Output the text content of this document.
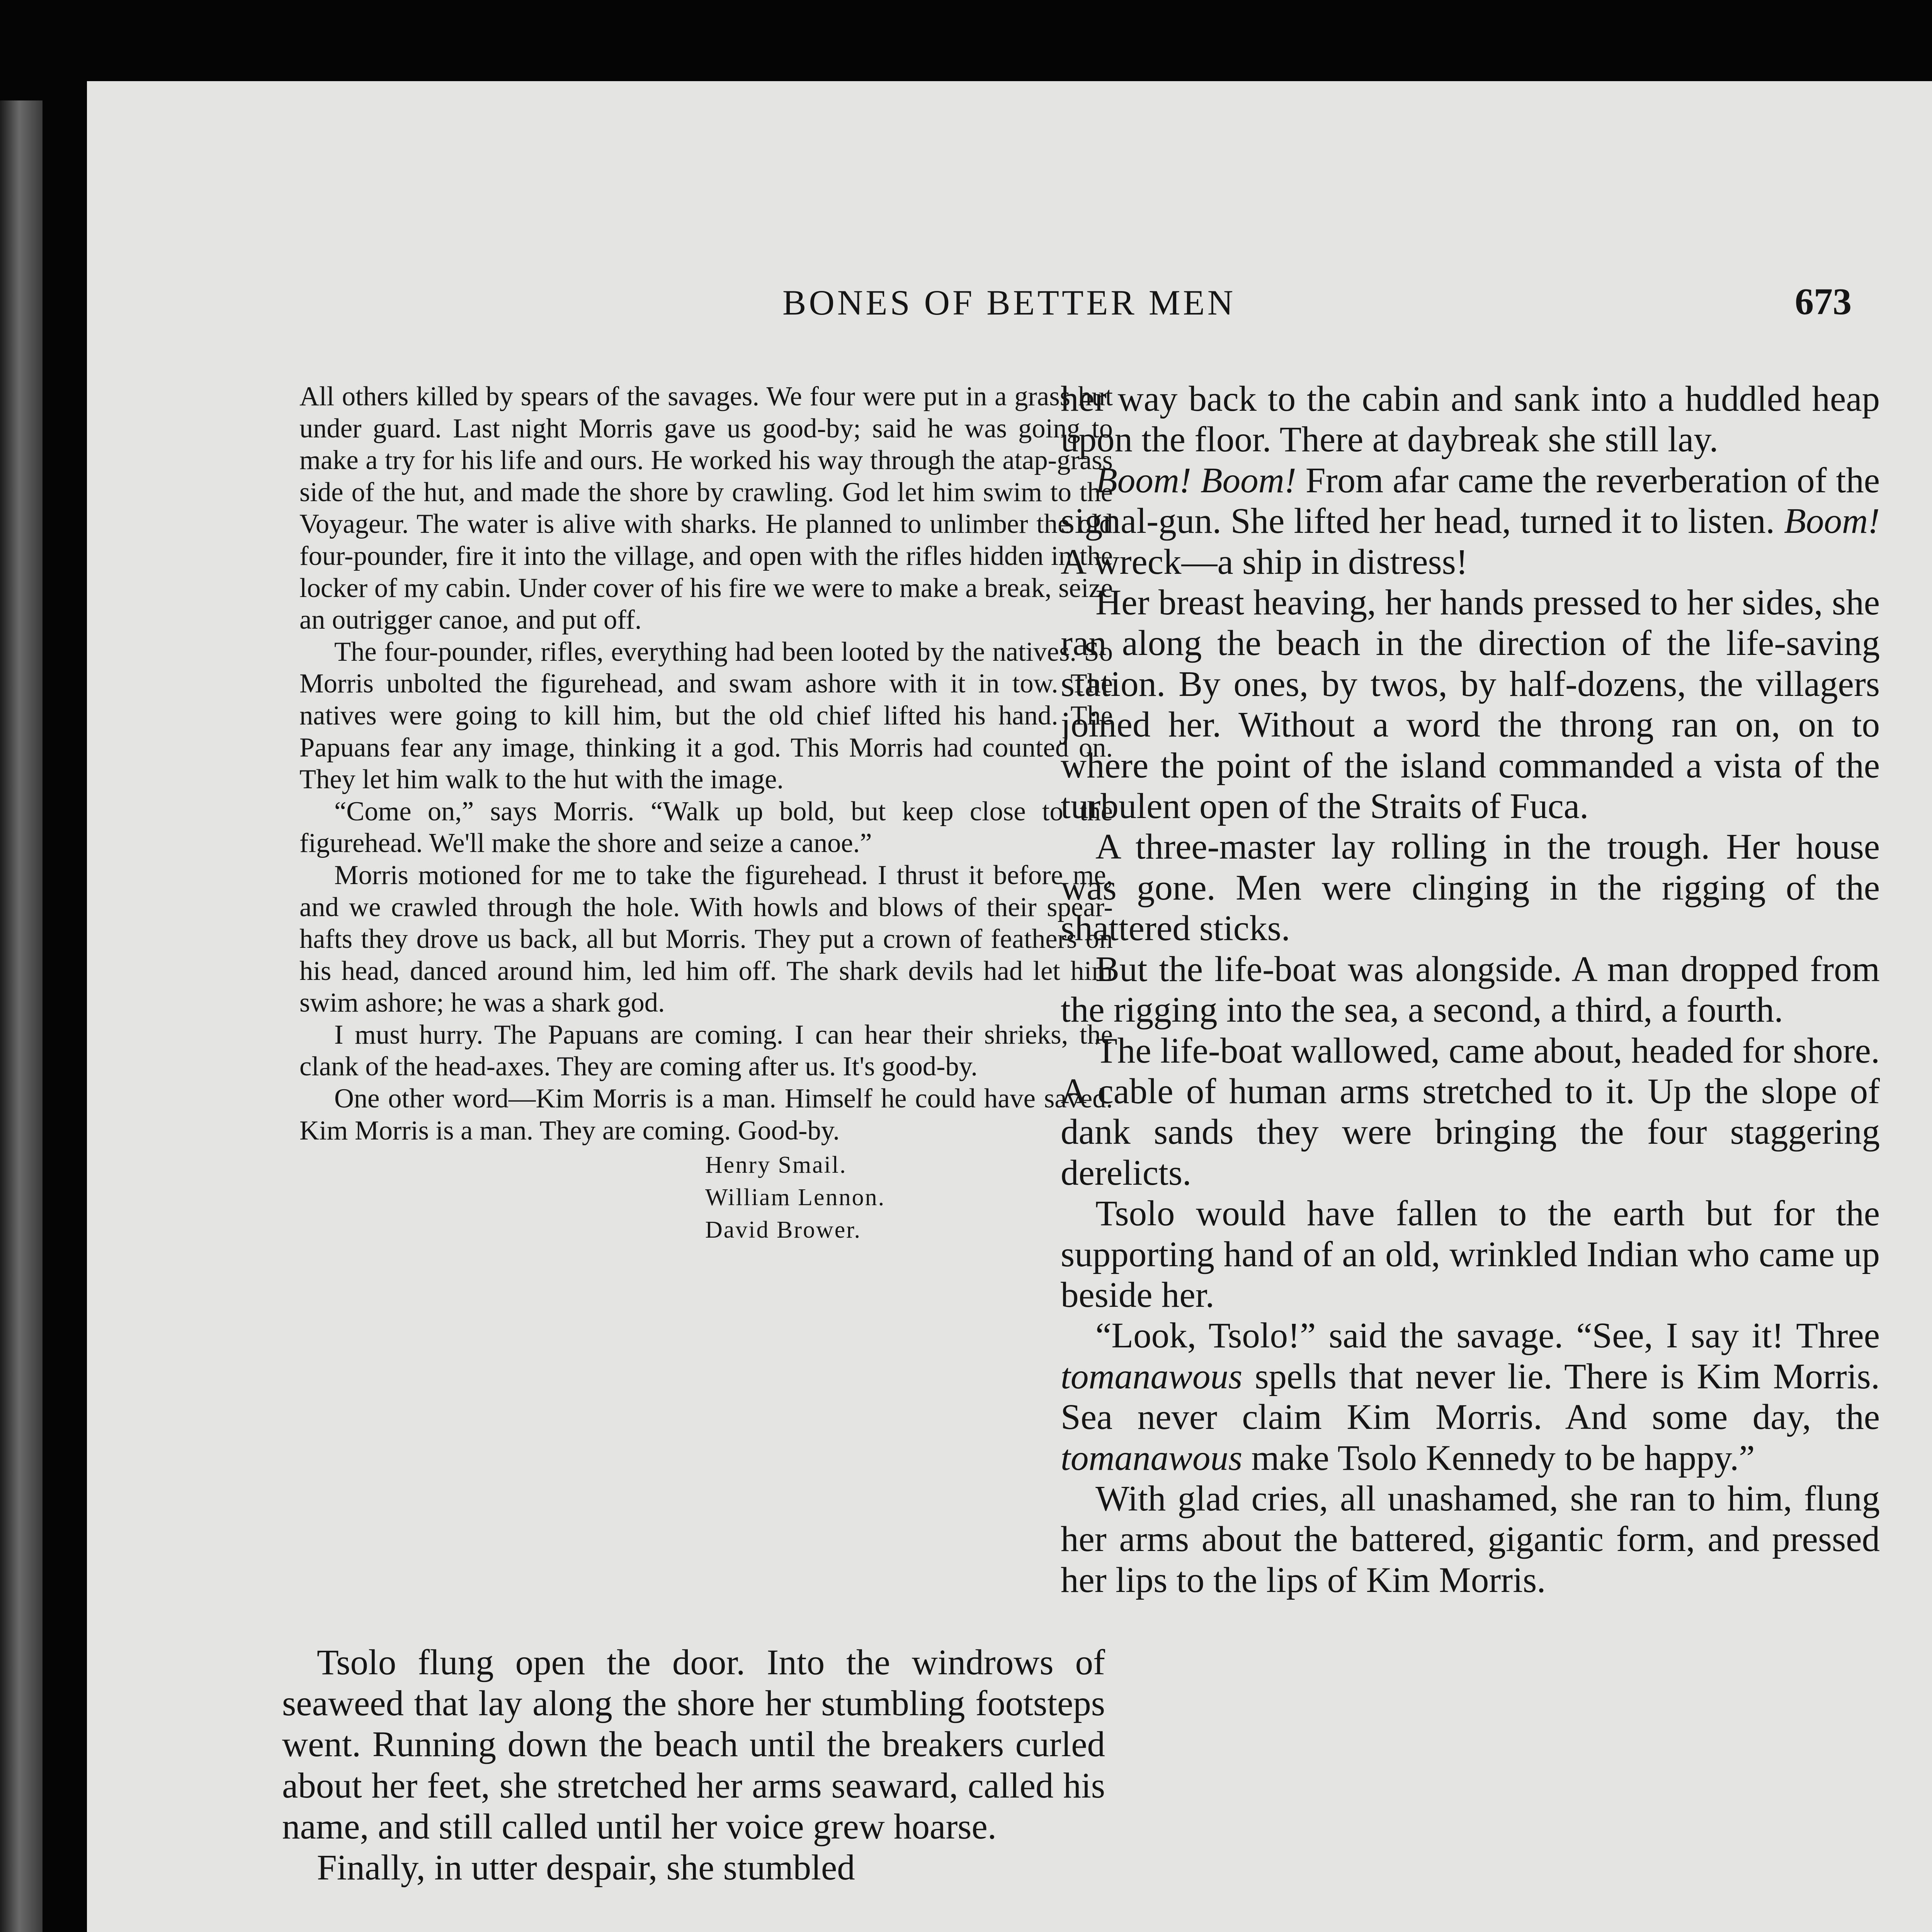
BONES OF BETTER MEN	673

All others killed by spears of the savages. We four were put in a grass hut under guard. Last night Morris gave us good-by; said he was going to make a try for his life and ours. He worked his way through the atap-grass side of the hut, and made the shore by crawling. God let him swim to the Voyageur. The water is alive with sharks. He planned to unlimber the old four-pounder, fire it into the village, and open with the rifles hidden in the locker of my cabin. Under cover of his fire we were to make a break, seize an outrigger canoe, and put off.

The four-pounder, rifles, everything had been looted by the natives. So Morris unbolted the figurehead, and swam ashore with it in tow. The natives were going to kill him, but the old chief lifted his hand. The Papuans fear any image, thinking it a god. This Morris had counted on. They let him walk to the hut with the image.

“Come on,” says Morris. “Walk up bold, but keep close to the figurehead. We'll make the shore and seize a canoe.”

Morris motioned for me to take the figurehead. I thrust it before me, and we crawled through the hole. With howls and blows of their spear-hafts they drove us back, all but Morris. They put a crown of feathers on his head, danced around him, led him off. The shark devils had let him swim ashore; he was a shark god.

I must hurry. The Papuans are coming. I can hear their shrieks, the clank of the head-axes. They are coming after us. It's good-by.

One other word—Kim Morris is a man. Himself he could have saved. Kim Morris is a man. They are coming. Good-by.

Henry Smail.
William Lennon.
David Brower.

Tsolo flung open the door. Into the windrows of seaweed that lay along the shore her stumbling footsteps went. Running down the beach until the breakers curled about her feet, she stretched her arms seaward, called his name, and still called until her voice grew hoarse.

Finally, in utter despair, she stumbled

her way back to the cabin and sank into a huddled heap upon the floor. There at daybreak she still lay.

Boom! Boom! From afar came the reverberation of the signal-gun. She lifted her head, turned it to listen. Boom! A wreck—a ship in distress!

Her breast heaving, her hands pressed to her sides, she ran along the beach in the direction of the life-saving station. By ones, by twos, by half-dozens, the villagers joined her. Without a word the throng ran on, on to where the point of the island commanded a vista of the turbulent open of the Straits of Fuca.

A three-master lay rolling in the trough. Her house was gone. Men were clinging in the rigging of the shattered sticks.

But the life-boat was alongside. A man dropped from the rigging into the sea, a second, a third, a fourth.

The life-boat wallowed, came about, headed for shore. A cable of human arms stretched to it. Up the slope of dank sands they were bringing the four staggering derelicts.

Tsolo would have fallen to the earth but for the supporting hand of an old, wrinkled Indian who came up beside her.

“Look, Tsolo!” said the savage. “See, I say it! Three tomanawous spells that never lie. There is Kim Morris. Sea never claim Kim Morris. And some day, the tomanawous make Tsolo Kennedy to be happy.”

With glad cries, all unashamed, she ran to him, flung her arms about the battered, gigantic form, and pressed her lips to the lips of Kim Morris.
